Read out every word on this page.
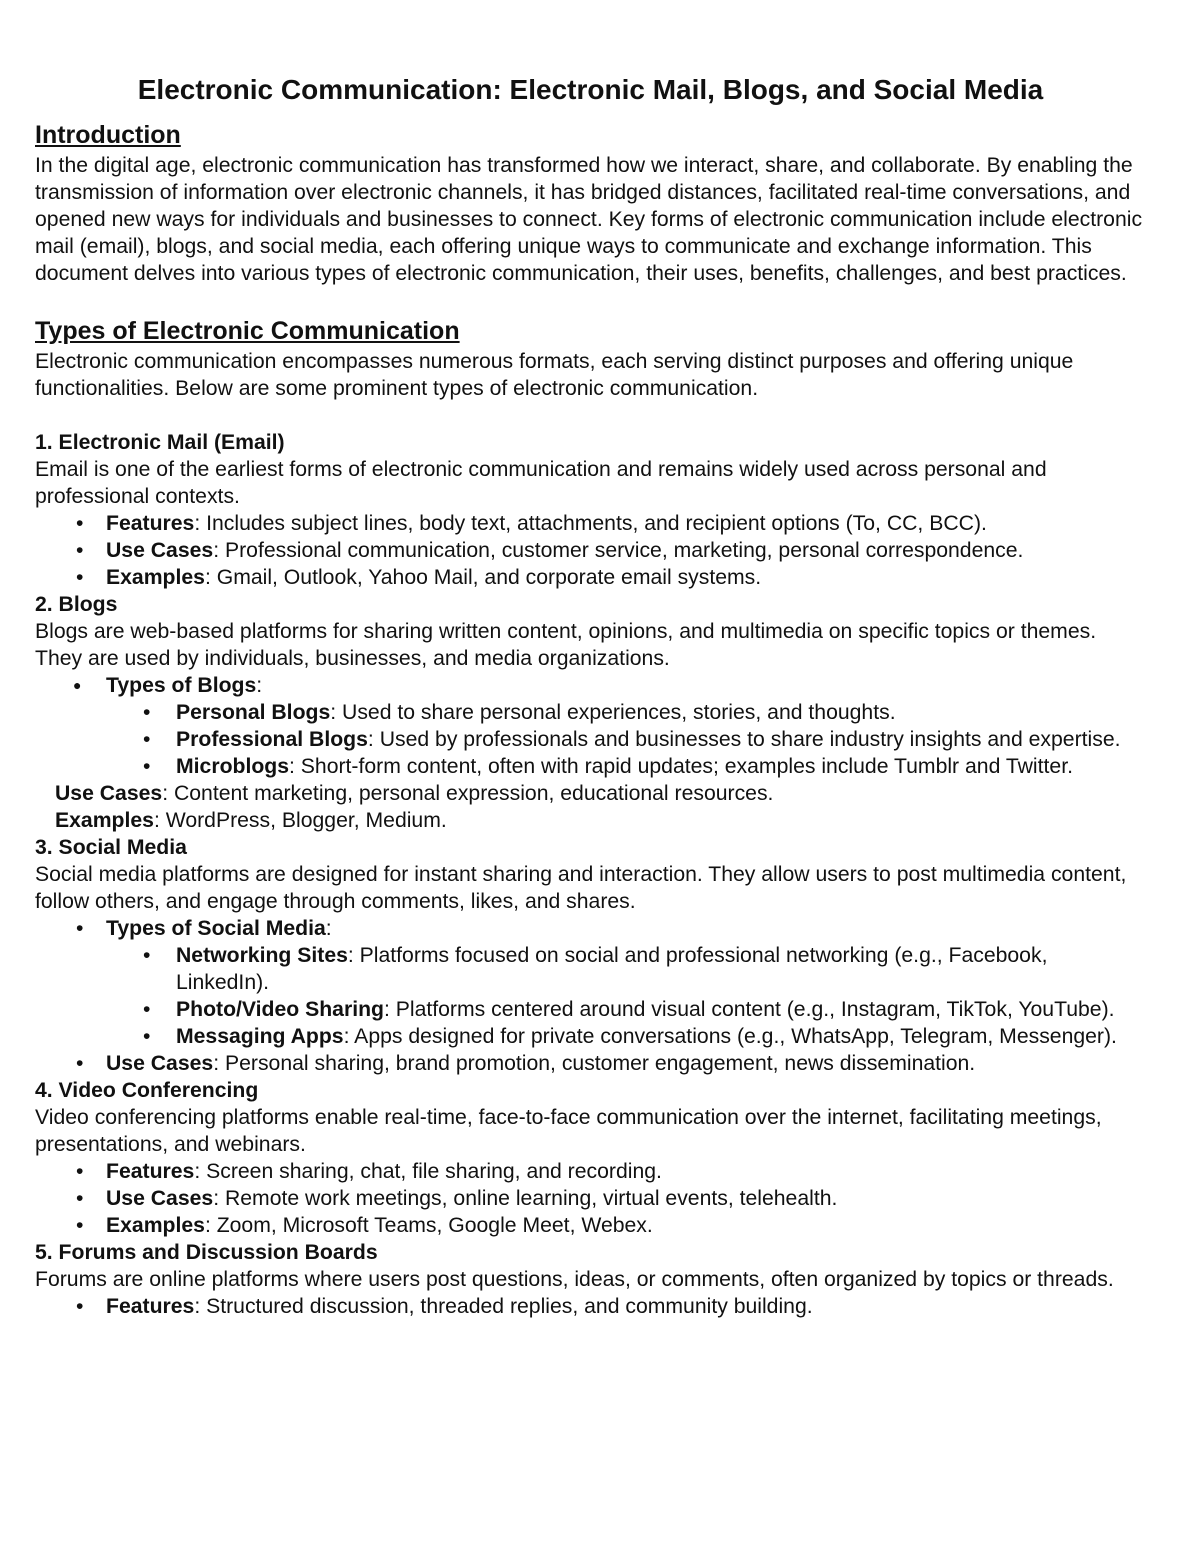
Electronic Communication: Electronic Mail, Blogs, and Social Media
Introduction

In the digital age, electronic communication has transformed how we interact, share, and collaborate. By enabling the transmission of information over electronic channels, it has bridged distances, facilitated real-time conversations, and opened new ways for individuals and businesses to connect. Key forms of electronic communication include electronic mail (email), blogs, and social media, each offering unique ways to communicate and exchange information. This document delves into various types of electronic communication, their uses, benefits, challenges, and best practices.

Types of Electronic Communication

Electronic communication encompasses numerous formats, each serving distinct purposes and offering unique functionalities. Below are some prominent types of electronic communication.

1. Electronic Mail (Email)

Email is one of the earliest forms of electronic communication and remains widely used across personal and professional contexts.

• Features: Includes subject lines, body text, attachments, and recipient options (To, CC, BCC).
• Use Cases: Professional communication, customer service, marketing, personal correspondence.
• Examples: Gmail, Outlook, Yahoo Mail, and corporate email systems.
2. Blogs

Blogs are web-based platforms for sharing written content, opinions, and multimedia on specific topics or themes. They are used by individuals, businesses, and media organizations.

● Types of Blogs:
• Personal Blogs: Used to share personal experiences, stories, and thoughts.
• Professional Blogs: Used by professionals and businesses to share industry insights and expertise.
• Microblogs: Short-form content, often with rapid updates; examples include Tumblr and Twitter.
Use Cases: Content marketing, personal expression, educational resources.
Examples: WordPress, Blogger, Medium.
3. Social Media

Social media platforms are designed for instant sharing and interaction. They allow users to post multimedia content, follow others, and engage through comments, likes, and shares.

• Types of Social Media:
• Networking Sites: Platforms focused on social and professional networking (e.g., Facebook, LinkedIn).
• Photo/Video Sharing: Platforms centered around visual content (e.g., Instagram, TikTok, YouTube).
• Messaging Apps: Apps designed for private conversations (e.g., WhatsApp, Telegram, Messenger).
• Use Cases: Personal sharing, brand promotion, customer engagement, news dissemination.
4. Video Conferencing

Video conferencing platforms enable real-time, face-to-face communication over the internet, facilitating meetings, presentations, and webinars.

• Features: Screen sharing, chat, file sharing, and recording.
• Use Cases: Remote work meetings, online learning, virtual events, telehealth.
• Examples: Zoom, Microsoft Teams, Google Meet, Webex.
5. Forums and Discussion Boards

Forums are online platforms where users post questions, ideas, or comments, often organized by topics or threads.

• Features: Structured discussion, threaded replies, and community building.
